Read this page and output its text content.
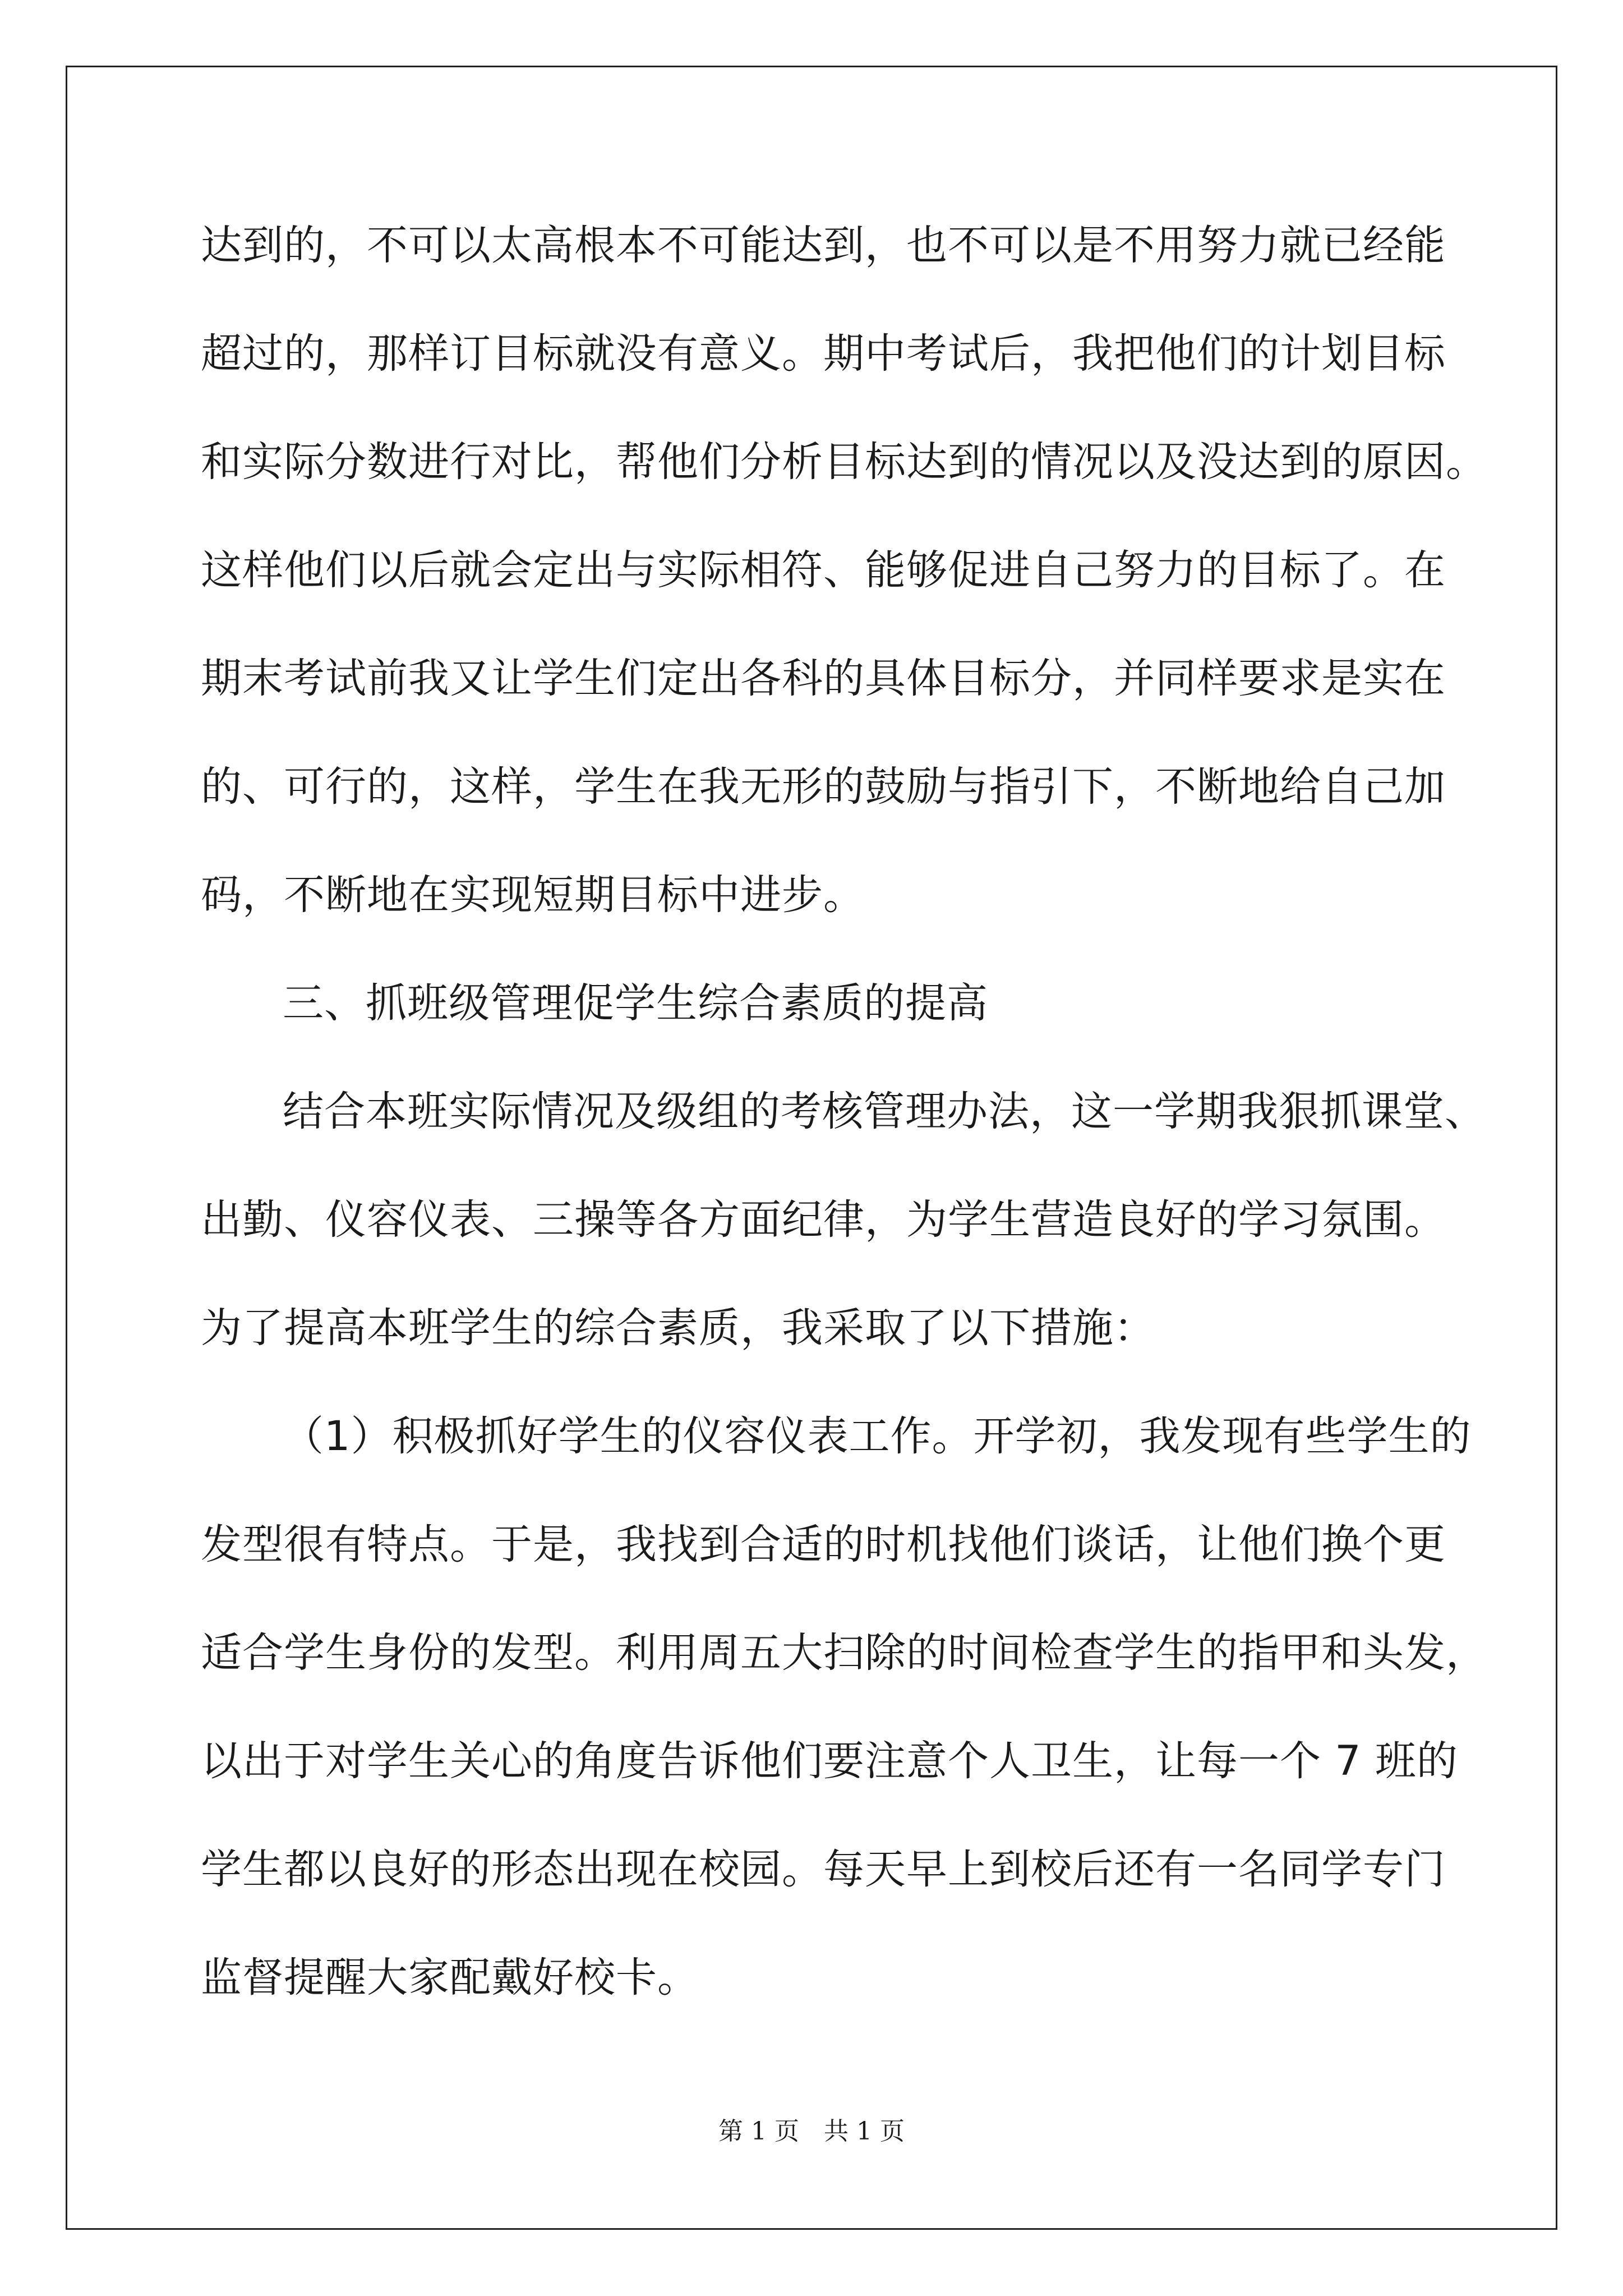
达到的，不可以太高根本不可能达到，也不可以是不用努力就已经能
超过的，那样订目标就没有意义。期中考试后，我把他们的计划目标
和实际分数进行对比，帮他们分析目标达到的情况以及没达到的原因。
这样他们以后就会定出与实际相符、能够促进自己努力的目标了。在
期末考试前我又让学生们定出各科的具体目标分，并同样要求是实在
的、可行的，这样，学生在我无形的鼓励与指引下，不断地给自己加
码，不断地在实现短期目标中进步。
三、抓班级管理促学生综合素质的提高
结合本班实际情况及级组的考核管理办法，这一学期我狠抓课堂、
出勤、仪容仪表、三操等各方面纪律，为学生营造良好的学习氛围。
为了提高本班学生的综合素质，我采取了以下措施：
（1）积极抓好学生的仪容仪表工作。开学初，我发现有些学生的
发型很有特点。于是，我找到合适的时机找他们谈话，让他们换个更
适合学生身份的发型。利用周五大扫除的时间检查学生的指甲和头发，
以出于对学生关心的角度告诉他们要注意个人卫生，让每一个 7 班的
学生都以良好的形态出现在校园。每天早上到校后还有一名同学专门
监督提醒大家配戴好校卡。
第 1 页　共 1 页
